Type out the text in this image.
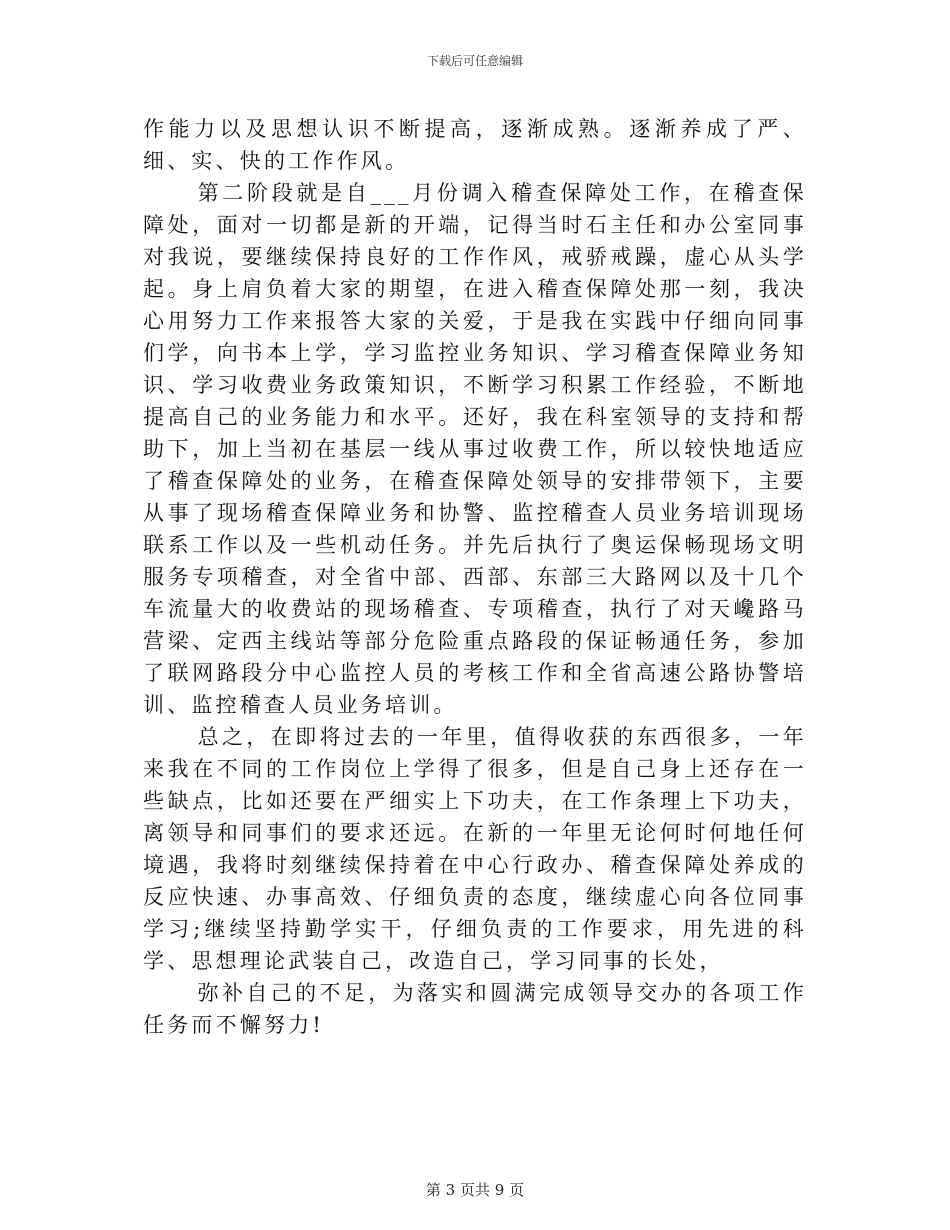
下载后可任意编辑

作能力以及思想认识不断提高，逐渐成熟。逐渐养成了严、细、实、快的工作作风。

第二阶段就是自___月份调入稽查保障处工作，在稽查保障处，面对一切都是新的开端，记得当时石主任和办公室同事对我说，要继续保持良好的工作作风，戒骄戒躁，虚心从头学起。身上肩负着大家的期望，在进入稽查保障处那一刻，我决心用努力工作来报答大家的关爱，于是我在实践中仔细向同事们学，向书本上学，学习监控业务知识、学习稽查保障业务知识、学习收费业务政策知识，不断学习积累工作经验，不断地提高自己的业务能力和水平。还好，我在科室领导的支持和帮助下，加上当初在基层一线从事过收费工作，所以较快地适应了稽查保障处的业务，在稽查保障处领导的安排带领下，主要从事了现场稽查保障业务和协警、监控稽查人员业务培训现场联系工作以及一些机动任务。并先后执行了奥运保畅现场文明服务专项稽查，对全省中部、西部、东部三大路网以及十几个车流量大的收费站的现场稽查、专项稽查，执行了对天巉路马营梁、定西主线站等部分危险重点路段的保证畅通任务，参加了联网路段分中心监控人员的考核工作和全省高速公路协警培训、监控稽查人员业务培训。

总之，在即将过去的一年里，值得收获的东西很多，一年来我在不同的工作岗位上学得了很多，但是自己身上还存在一些缺点，比如还要在严细实上下功夫，在工作条理上下功夫，离领导和同事们的要求还远。在新的一年里无论何时何地任何境遇，我将时刻继续保持着在中心行政办、稽查保障处养成的反应快速、办事高效、仔细负责的态度，继续虚心向各位同事学习;继续坚持勤学实干，仔细负责的工作要求，用先进的科学、思想理论武装自己，改造自己，学习同事的长处，

弥补自己的不足，为落实和圆满完成领导交办的各项工作任务而不懈努力!

第 3 页共 9 页
